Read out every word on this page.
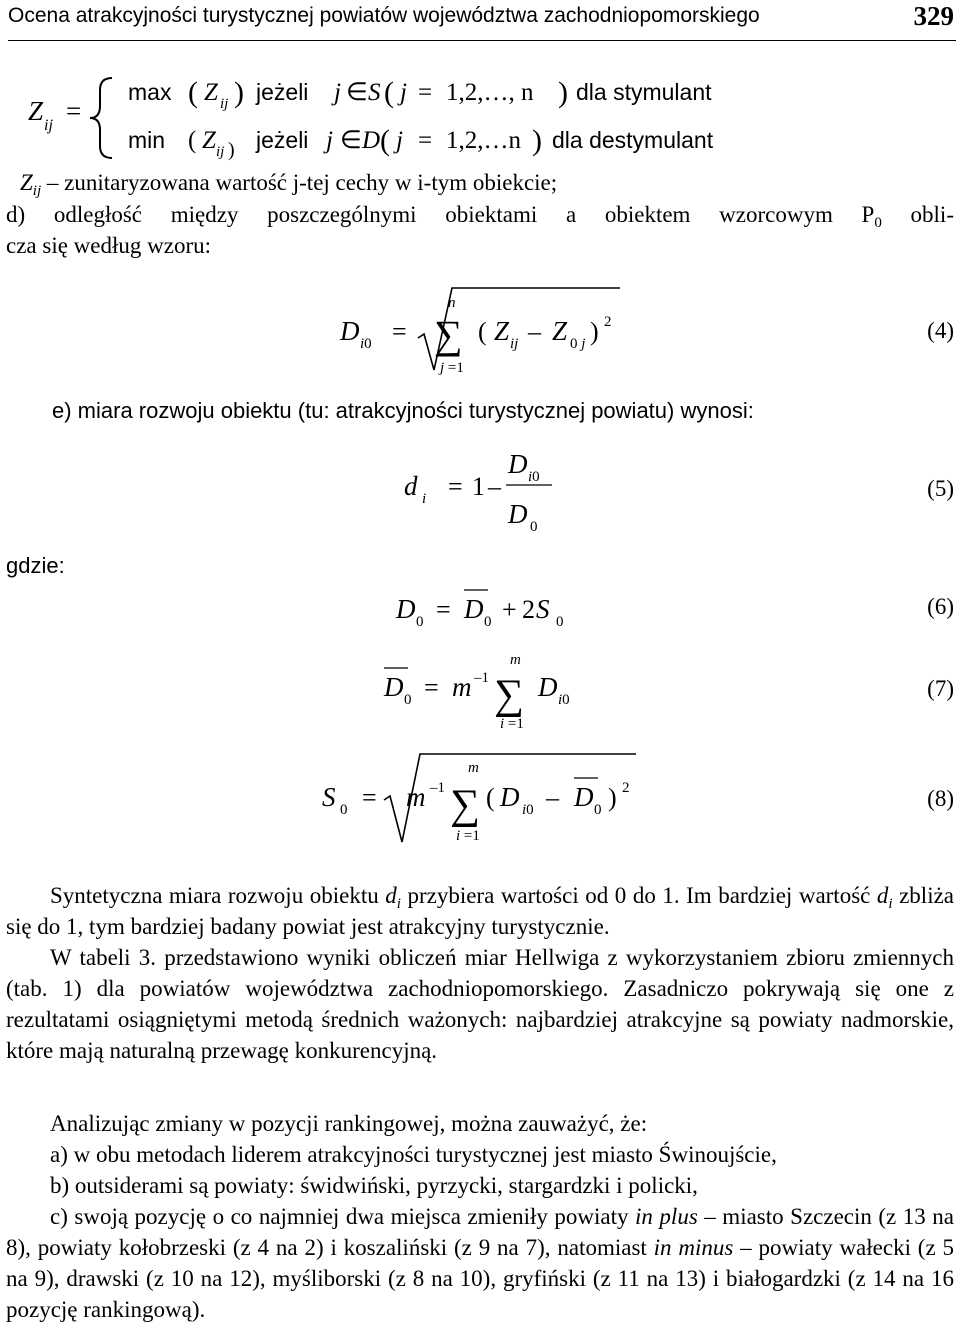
Ocena atrakcyjności turystycznej powiatów województwa zachodniopomorskiego	329
Z ij =
max ( Z ij ) jeżeli j ∈ S ( j = 1,2,…, n ) dla stymulant
min ( Z ij ) jeżeli j ∈ D ( j = 1,2,…n ) dla destymulant
$Z_{ij}$ – zunitaryzowana wartość j-tej cechy w i-tym obiekcie;
d) odległość między poszczególnymi obiektami a obiektem wzorcowym $P_0$ obli-
cza się według wzoru:
D i0 =
n
∑
j =1
( Z ij – Z 0 j ) 2	(4)
e) miara rozwoju obiektu (tu: atrakcyjności turystycznej powiatu) wynosi:
d i = 1 –
D i0
D 0
(5)
gdzie:
D 0 = D 0 + 2 S 0
(6)
D 0 = m –1
m
∑
i =1
D i0	(7)
S 0 = m –1
m
∑
i =1
( D i0 – D 0 ) 2	(8)
Syntetyczna miara rozwoju obiektu $d_i$ przybiera wartości od 0 do 1. Im bardziej wartość $d_i$ zbliża się do 1, tym bardziej badany powiat jest atrakcyjny turystycznie.
W tabeli 3. przedstawiono wyniki obliczeń miar Hellwiga z wykorzystaniem zbioru zmiennych (tab. 1) dla powiatów województwa zachodniopomorskiego. Zasadniczo pokrywają się one z rezultatami osiągniętymi metodą średnich ważonych: najbardziej atrakcyjne są powiaty nadmorskie, które mają naturalną przewagę konkurencyjną.
Analizując zmiany w pozycji rankingowej, można zauważyć, że:
a) w obu metodach liderem atrakcyjności turystycznej jest miasto Świnoujście,
b) outsiderami są powiaty: świdwiński, pyrzycki, stargardzki i policki,
c) swoją pozycję o co najmniej dwa miejsca zmieniły powiaty in plus – miasto Szczecin (z 13 na 8), powiaty kołobrzeski (z 4 na 2) i koszaliński (z 9 na 7), natomiast in minus – powiaty wałecki (z 5 na 9), drawski (z 10 na 12), myśliborski (z 8 na 10), gryfiński (z 11 na 13) i białogardzki (z 14 na 16 pozycję rankingową).
